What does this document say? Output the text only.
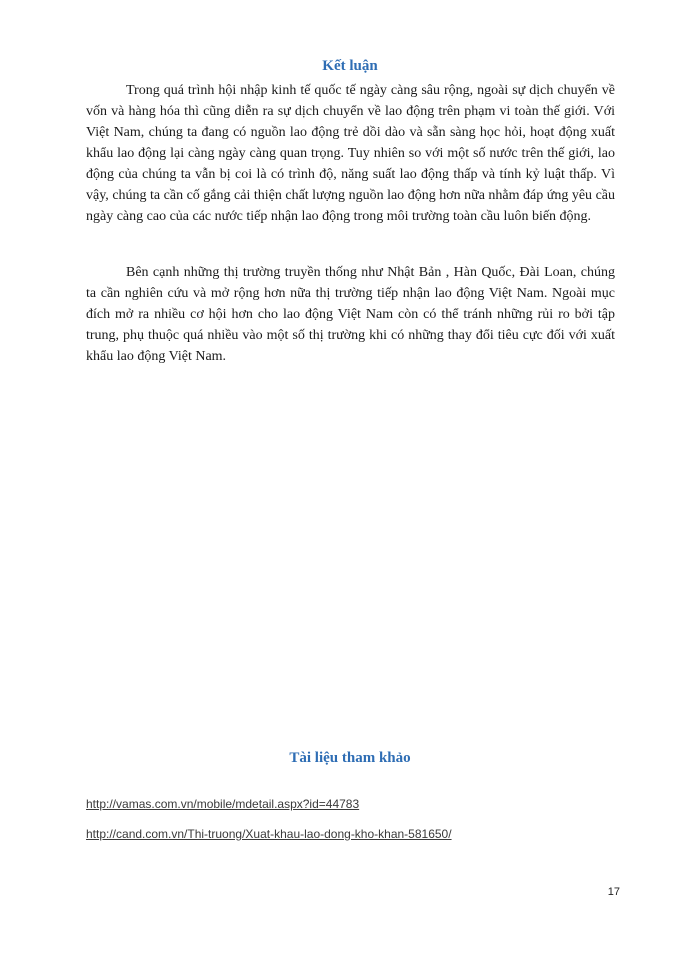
Kết luận

Trong quá trình hội nhập kinh tế quốc tế ngày càng sâu rộng, ngoài sự dịch chuyển về vốn và hàng hóa thì cũng diễn ra sự dịch chuyển về lao động trên phạm vi toàn thế giới. Với Việt Nam, chúng ta đang có nguồn lao động trẻ dồi dào và sẵn sàng học hỏi, hoạt động xuất khẩu lao động lại càng ngày càng quan trọng. Tuy nhiên so với một số nước trên thế giới, lao động của chúng ta vẫn bị coi là có trình độ, năng suất lao động thấp và tính kỷ luật thấp. Vì vậy, chúng ta cần cố gắng cải thiện chất lượng nguồn lao động hơn nữa nhằm đáp ứng yêu cầu ngày càng cao của các nước tiếp nhận lao động trong môi trường toàn cầu luôn biến động.

Bên cạnh những thị trường truyền thống như Nhật Bản , Hàn Quốc, Đài Loan, chúng ta cần nghiên cứu và mở rộng hơn nữa thị trường tiếp nhận lao động Việt Nam. Ngoài mục đích mở ra nhiều cơ hội hơn cho lao động Việt Nam còn có thể tránh những rủi ro bởi tập trung, phụ thuộc quá nhiều vào một số thị trường khi có những thay đổi tiêu cực đối với xuất khẩu lao động Việt Nam.

Tài liệu tham khảo
http://vamas.com.vn/mobile/mdetail.aspx?id=44783
http://cand.com.vn/Thi-truong/Xuat-khau-lao-dong-kho-khan-581650/
17
